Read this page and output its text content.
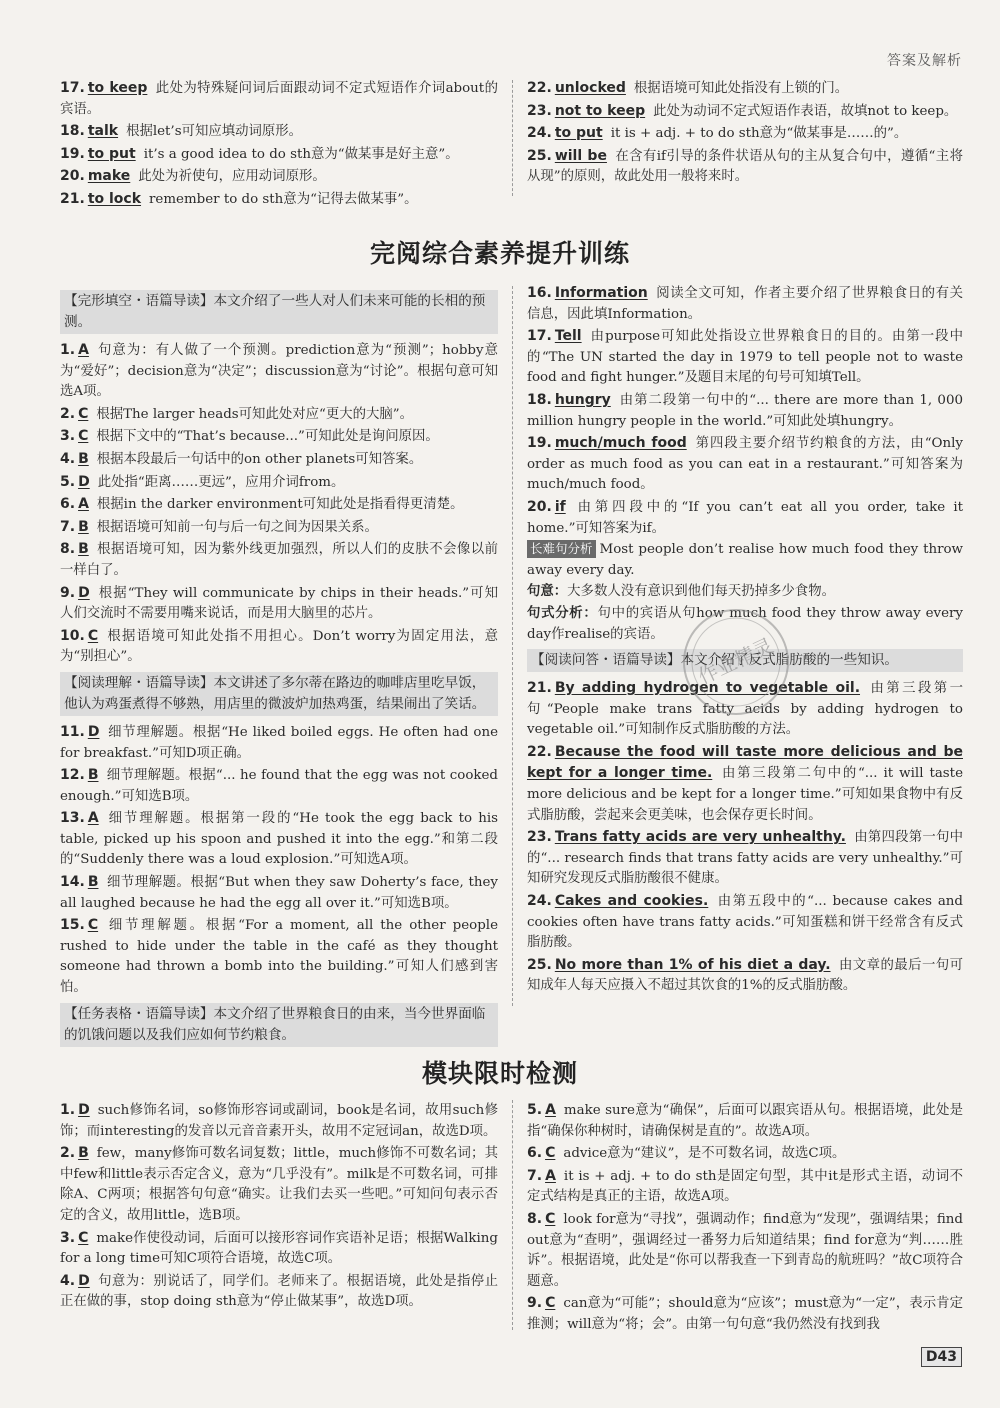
答案及解析
17. to keep 此处为特殊疑问词后面跟动词不定式短语作介词about的宾语。
18. talk 根据let’s可知应填动词原形。
19. to put it’s a good idea to do sth意为“做某事是好主意”。
20. make 此处为祈使句，应用动词原形。
21. to lock remember to do sth意为“记得去做某事”。
22. unlocked 根据语境可知此处指没有上锁的门。
23. not to keep 此处为动词不定式短语作表语，故填not to keep。
24. to put it is + adj. + to do sth意为“做某事是……的”。
25. will be 在含有if引导的条件状语从句的主从复合句中，遵循“主将从现”的原则，故此处用一般将来时。
完阅综合素养提升训练
【完形填空・语篇导读】本文介绍了一些人对人们未来可能的长相的预测。
1. A 句意为：有人做了一个预测。prediction意为“预测”；hobby意为“爱好”；decision意为“决定”；discussion意为“讨论”。根据句意可知选A项。
2. C 根据The larger heads可知此处对应“更大的大脑”。
3. C 根据下文中的“That’s because...”可知此处是询问原因。
4. B 根据本段最后一句话中的on other planets可知答案。
5. D 此处指“距离……更远”，应用介词from。
6. A 根据in the darker environment可知此处是指看得更清楚。
7. B 根据语境可知前一句与后一句之间为因果关系。
8. B 根据语境可知，因为紫外线更加强烈，所以人们的皮肤不会像以前一样白了。
9. D 根据“They will communicate by chips in their heads.”可知人们交流时不需要用嘴来说话，而是用大脑里的芯片。
10. C 根据语境可知此处指不用担心。Don’t worry为固定用法，意为“别担心”。
【阅读理解・语篇导读】本文讲述了多尔蒂在路边的咖啡店里吃早饭，他认为鸡蛋煮得不够熟，用店里的微波炉加热鸡蛋，结果闹出了笑话。
11. D 细节理解题。根据“He liked boiled eggs. He often had one for breakfast.”可知D项正确。
12. B 细节理解题。根据“... he found that the egg was not cooked enough.”可知选B项。
13. A 细节理解题。根据第一段的“He took the egg back to his table, picked up his spoon and pushed it into the egg.”和第二段的“Suddenly there was a loud explosion.”可知选A项。
14. B 细节理解题。根据“But when they saw Doherty’s face, they all laughed because he had the egg all over it.”可知选B项。
15. C 细节理解题。根据“For a moment, all the other people rushed to hide under the table in the café as they thought someone had thrown a bomb into the building.”可知人们感到害怕。
【任务表格・语篇导读】本文介绍了世界粮食日的由来，当今世界面临的饥饿问题以及我们应如何节约粮食。
16. Information 阅读全文可知，作者主要介绍了世界粮食日的有关信息，因此填Information。
17. Tell 由purpose可知此处指设立世界粮食日的目的。由第一段中的“The UN started the day in 1979 to tell people not to waste food and fight hunger.”及题目末尾的句号可知填Tell。
18. hungry 由第二段第一句中的“... there are more than 1, 000 million hungry people in the world.”可知此处填hungry。
19. much/much food 第四段主要介绍节约粮食的方法，由“Only order as much food as you can eat in a restaurant.”可知答案为much/much food。
20. if 由第四段中的“If you can’t eat all you order, take it home.”可知答案为if。
长难句分析 Most people don’t realise how much food they throw away every day.
句意：大多数人没有意识到他们每天扔掉多少食物。
句式分析：句中的宾语从句how much food they throw away every day作realise的宾语。
【阅读问答・语篇导读】本文介绍了反式脂肪酸的一些知识。
21. By adding hydrogen to vegetable oil. 由第三段第一句“People make trans fatty acids by adding hydrogen to vegetable oil.”可知制作反式脂肪酸的方法。
22. Because the food will taste more delicious and be kept for a longer time. 由第三段第二句中的“... it will taste more delicious and be kept for a longer time.”可知如果食物中有反式脂肪酸，尝起来会更美味，也会保存更长时间。
23. Trans fatty acids are very unhealthy. 由第四段第一句中的“... research finds that trans fatty acids are very unhealthy.”可知研究发现反式脂肪酸很不健康。
24. Cakes and cookies. 由第五段中的“... because cakes and cookies often have trans fatty acids.”可知蛋糕和饼干经常含有反式脂肪酸。
25. No more than 1% of his diet a day. 由文章的最后一句可知成年人每天应摄入不超过其饮食的1%的反式脂肪酸。
作业精灵
模块限时检测
1. D such修饰名词，so修饰形容词或副词，book是名词，故用such修饰；而interesting的发音以元音音素开头，故用不定冠词an，故选D项。
2. B few，many修饰可数名词复数；little，much修饰不可数名词；其中few和little表示否定含义，意为“几乎没有”。milk是不可数名词，可排除A、C两项；根据答句句意“确实。让我们去买一些吧。”可知问句表示否定的含义，故用little，选B项。
3. C make作使役动词，后面可以接形容词作宾语补足语；根据Walking for a long time可知C项符合语境，故选C项。
4. D 句意为：别说话了，同学们。老师来了。根据语境，此处是指停止正在做的事，stop doing sth意为“停止做某事”，故选D项。
5. A make sure意为“确保”，后面可以跟宾语从句。根据语境，此处是指“确保你种树时，请确保树是直的”。故选A项。
6. C advice意为“建议”，是不可数名词，故选C项。
7. A it is + adj. + to do sth是固定句型，其中it是形式主语，动词不定式结构是真正的主语，故选A项。
8. C look for意为“寻找”，强调动作；find意为“发现”，强调结果；find out意为“查明”，强调经过一番努力后知道结果；find for意为“判……胜诉”。根据语境，此处是“你可以帮我查一下到青岛的航班吗？”故C项符合题意。
9. C can意为“可能”；should意为“应该”；must意为“一定”，表示肯定推测；will意为“将；会”。由第一句句意“我仍然没有找到我
D43
